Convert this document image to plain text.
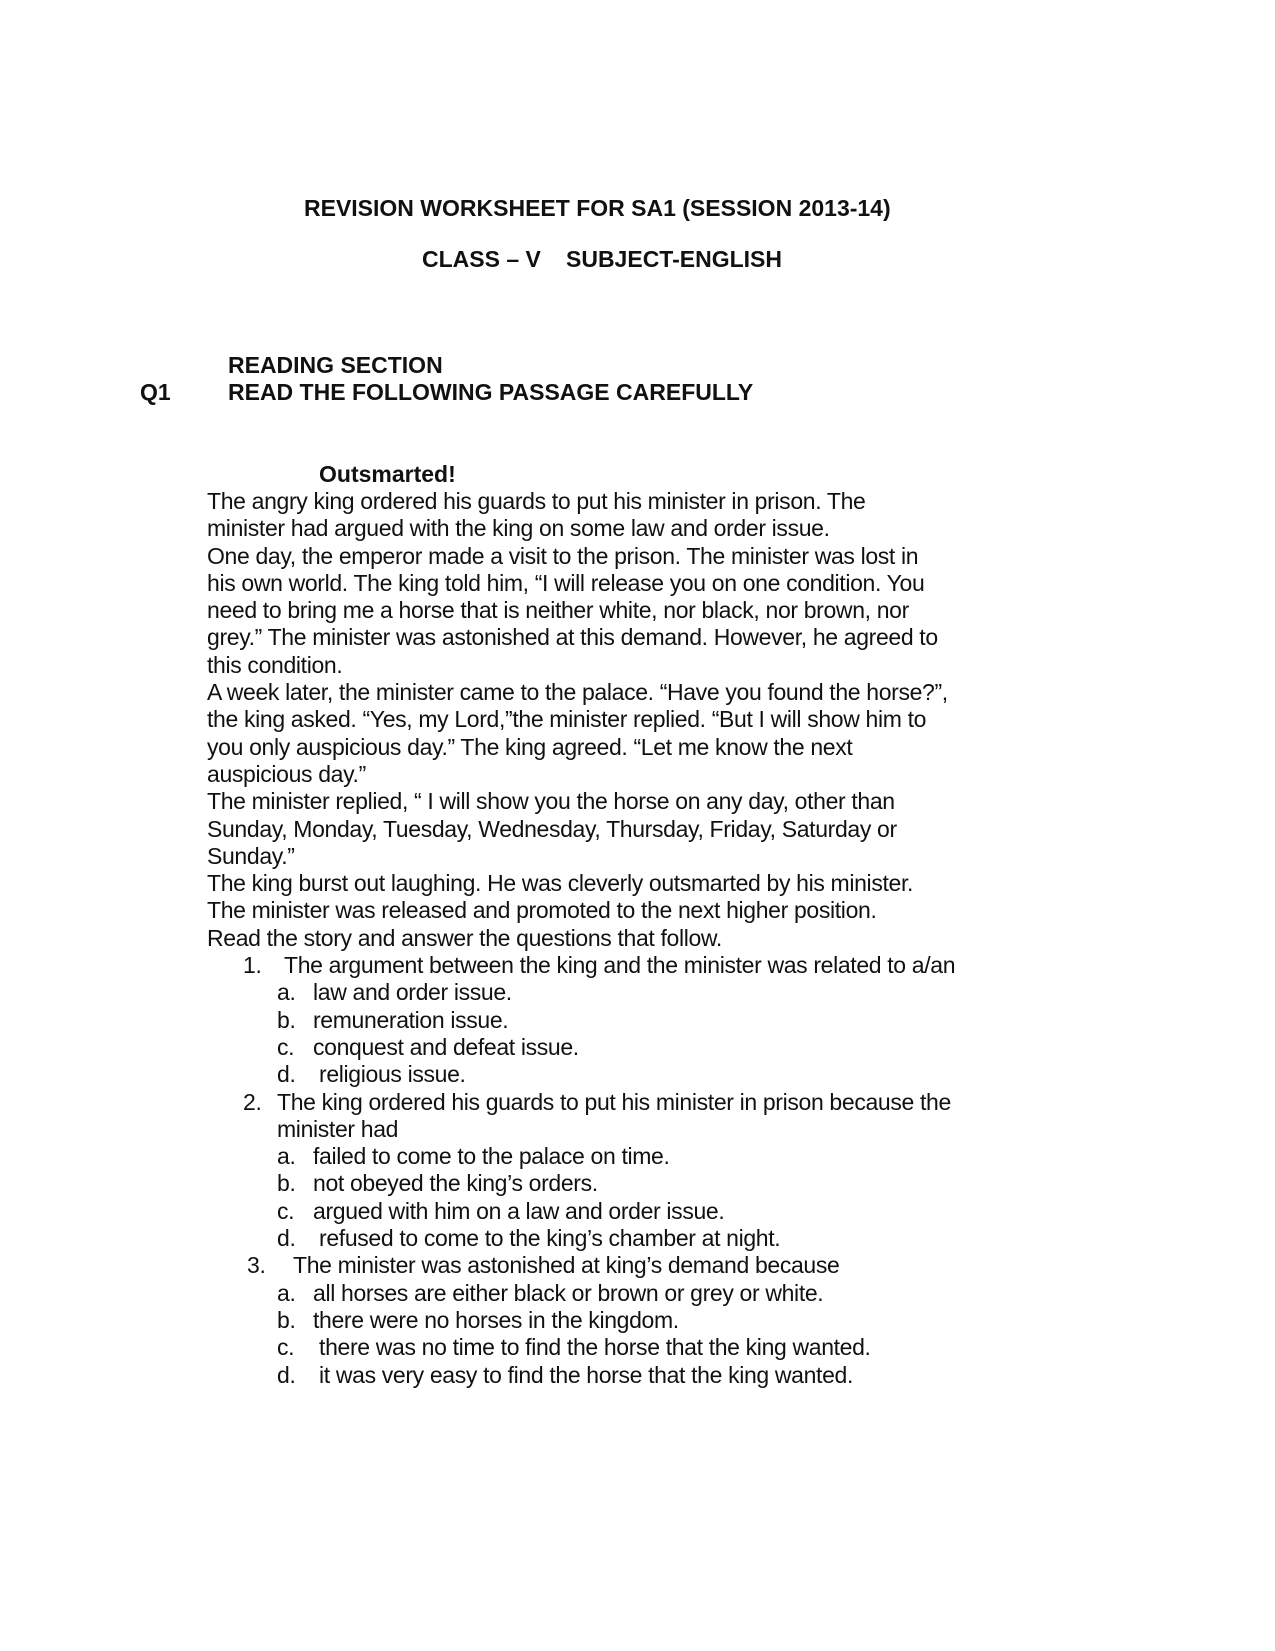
REVISION WORKSHEET FOR SA1 (SESSION 2013-14)
CLASS – V SUBJECT-ENGLISH
READING SECTION
Q1 READ THE FOLLOWING PASSAGE CAREFULLY
Outsmarted!
The angry king ordered his guards to put his minister in prison. The
minister had argued with the king on some law and order issue.
One day, the emperor made a visit to the prison. The minister was lost in
his own world. The king told him, “I will release you on one condition. You
need to bring me a horse that is neither white, nor black, nor brown, nor
grey.” The minister was astonished at this demand. However, he agreed to
this condition.
A week later, the minister came to the palace. “Have you found the horse?”,
the king asked. “Yes, my Lord,”the minister replied. “But I will show him to
you only auspicious day.” The king agreed. “Let me know the next
auspicious day.”
The minister replied, “ I will show you the horse on any day, other than
Sunday, Monday, Tuesday, Wednesday, Thursday, Friday, Saturday or
Sunday.”
The king burst out laughing. He was cleverly outsmarted by his minister.
The minister was released and promoted to the next higher position.
Read the story and answer the questions that follow.
1. The argument between the king and the minister was related to a/an
a. law and order issue.
b. remuneration issue.
c. conquest and defeat issue.
d. religious issue.
2. The king ordered his guards to put his minister in prison because the
minister had
a. failed to come to the palace on time.
b. not obeyed the king’s orders.
c. argued with him on a law and order issue.
d. refused to come to the king’s chamber at night.
3. The minister was astonished at king’s demand because
a. all horses are either black or brown or grey or white.
b. there were no horses in the kingdom.
c. there was no time to find the horse that the king wanted.
d. it was very easy to find the horse that the king wanted.
